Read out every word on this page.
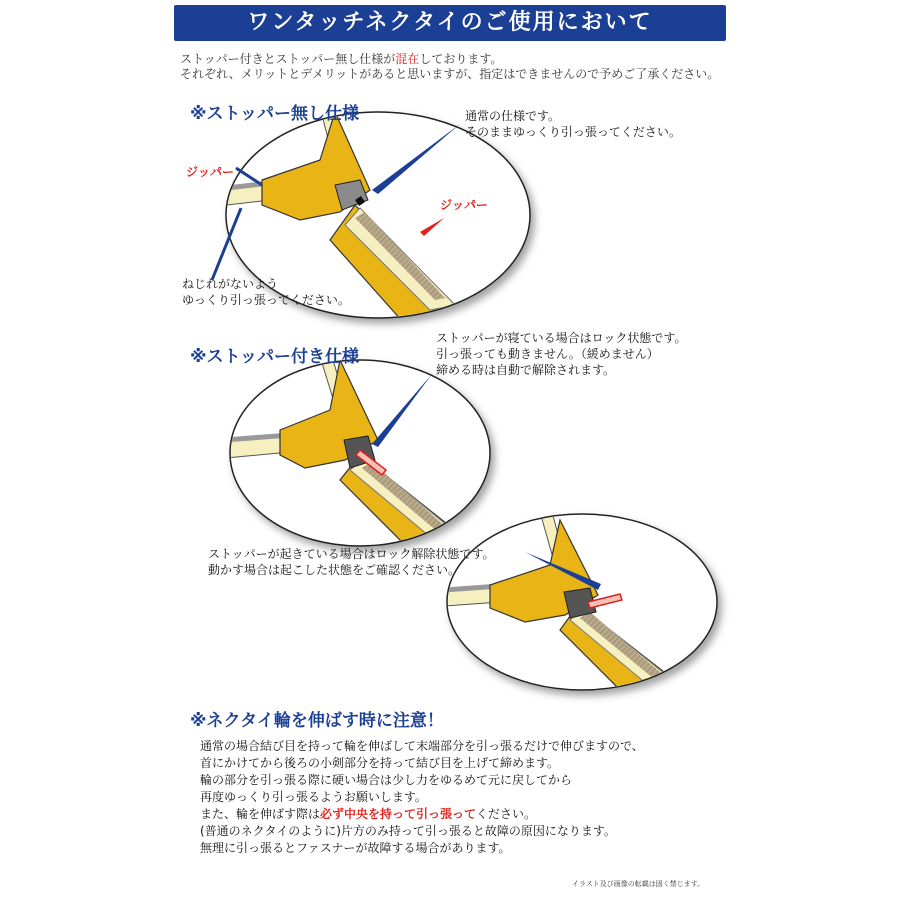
ワンタッチネクタイのご使用において
ストッパー付きとストッパー無し仕様が混在しております。
それぞれ、メリットとデメリットがあると思いますが、指定はできませんので予めご了承ください。
※ストッパー無し仕様
ジッパー
ジッパー
通常の仕様です。
そのままゆっくり引っ張ってください。
ねじれがないよう
ゆっくり引っ張ってください。
※ストッパー付き仕様
ストッパーが寝ている場合はロック状態です。
引っ張っても動きません。（緩めません）
締める時は自動で解除されます。
ストッパーが起きている場合はロック解除状態です。
動かす場合は起こした状態をご確認ください。
※ネクタイ輪を伸ばす時に注意！
通常の場合結び目を持って輪を伸ばして末端部分を引っ張るだけで伸びますので、
首にかけてから後ろの小剣部分を持って結び目を上げて締めます。
輪の部分を引っ張る際に硬い場合は少し力をゆるめて元に戻してから
再度ゆっくり引っ張るようお願いします。
また、輪を伸ばす際は必ず中央を持って引っ張ってください。
(普通のネクタイのように)片方のみ持って引っ張ると故障の原因になります。
無理に引っ張るとファスナーが故障する場合があります。
イラスト及び画像の転載は固く禁じます。
